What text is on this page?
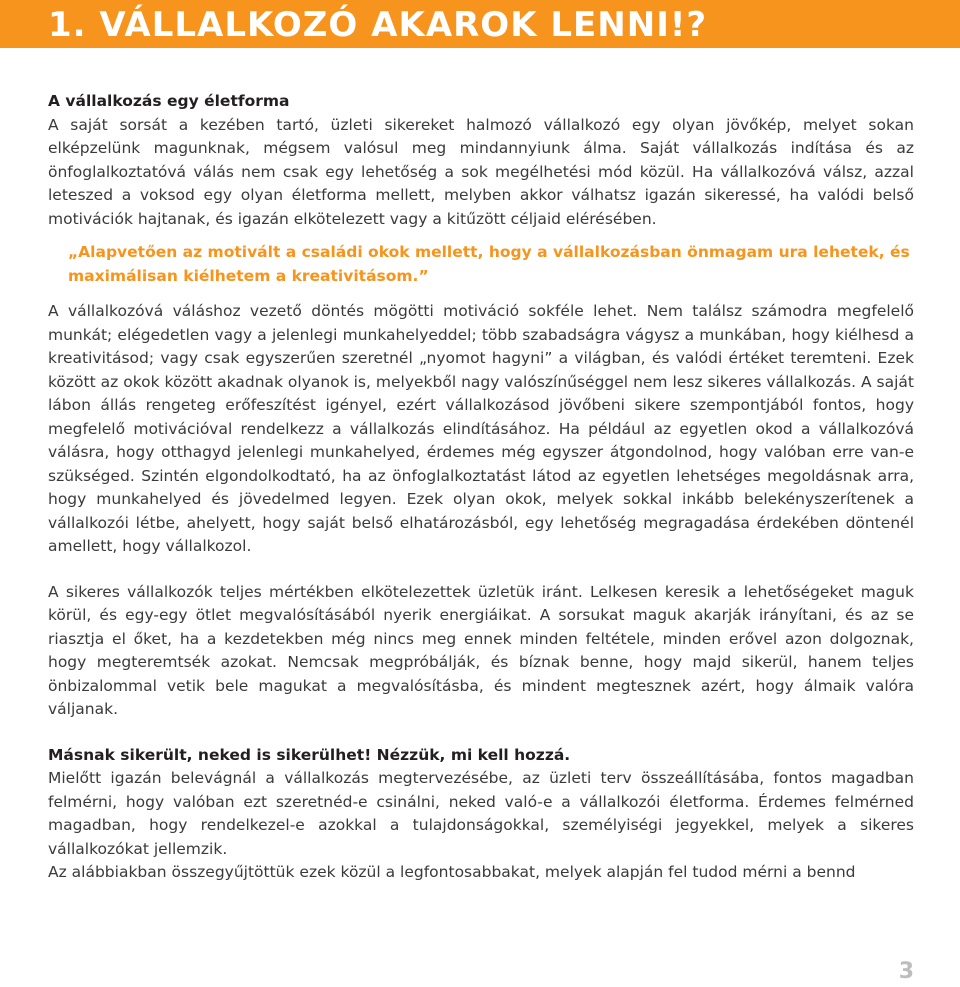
1. VÁLLALKOZÓ AKAROK LENNI!?
A vállalkozás egy életforma

A saját sorsát a kezében tartó, üzleti sikereket halmozó vállalkozó egy olyan jövőkép, melyet sokan elképzelünk magunknak, mégsem valósul meg mindannyiunk álma. Saját vállalkozás indítása és az önfoglalkoztatóvá válás nem csak egy lehetőség a sok megélhetési mód közül. Ha vállalkozóvá válsz, azzal leteszed a voksod egy olyan életforma mellett, melyben akkor válhatsz igazán sikeressé, ha valódi belső motivációk hajtanak, és igazán elkötelezett vagy a kitűzött céljaid elérésében.

„Alapvetően az motivált a családi okok mellett, hogy a vállalkozásban önmagam ura lehetek, és maximálisan kiélhetem a kreativitásom.”

A vállalkozóvá váláshoz vezető döntés mögötti motiváció sokféle lehet. Nem találsz számodra megfelelő munkát; elégedetlen vagy a jelenlegi munkahelyeddel; több szabadságra vágysz a munkában, hogy kiélhesd a kreativitásod; vagy csak egyszerűen szeretnél „nyomot hagyni” a világban, és valódi értéket teremteni. Ezek között az okok között akadnak olyanok is, melyekből nagy valószínűséggel nem lesz sikeres vállalkozás. A saját lábon állás rengeteg erőfeszítést igényel, ezért vállalkozásod jövőbeni sikere szempontjából fontos, hogy megfelelő motivációval rendelkezz a vállalkozás elindításához. Ha például az egyetlen okod a vállalkozóvá válásra, hogy otthagyd jelenlegi munkahelyed, érdemes még egyszer átgondolnod, hogy valóban erre van-e szükséged. Szintén elgondolkodtató, ha az önfoglalkoztatást látod az egyetlen lehetséges megoldásnak arra, hogy munkahelyed és jövedelmed legyen. Ezek olyan okok, melyek sokkal inkább belekényszerítenek a vállalkozói létbe, ahelyett, hogy saját belső elhatározásból, egy lehetőség megragadása érdekében döntenél amellett, hogy vállalkozol.

A sikeres vállalkozók teljes mértékben elkötelezettek üzletük iránt. Lelkesen keresik a lehetőségeket maguk körül, és egy-egy ötlet megvalósításából nyerik energiáikat. A sorsukat maguk akarják irányítani, és az se riasztja el őket, ha a kezdetekben még nincs meg ennek minden feltétele, minden erővel azon dolgoznak, hogy megteremtsék azokat. Nemcsak megpróbálják, és bíznak benne, hogy majd sikerül, hanem teljes önbizalommal vetik bele magukat a megvalósításba, és mindent megtesznek azért, hogy álmaik valóra váljanak.

Másnak sikerült, neked is sikerülhet! Nézzük, mi kell hozzá.

Mielőtt igazán belevágnál a vállalkozás megtervezésébe, az üzleti terv összeállításába, fontos magadban felmérni, hogy valóban ezt szeretnéd-e csinálni, neked való-e a vállalkozói életforma. Érdemes felmérned magadban, hogy rendelkezel-e azokkal a tulajdonságokkal, személyiségi jegyekkel, melyek a sikeres vállalkozókat jellemzik.

Az alábbiakban összegyűjtöttük ezek közül a legfontosabbakat, melyek alapján fel tudod mérni a bennd

3
